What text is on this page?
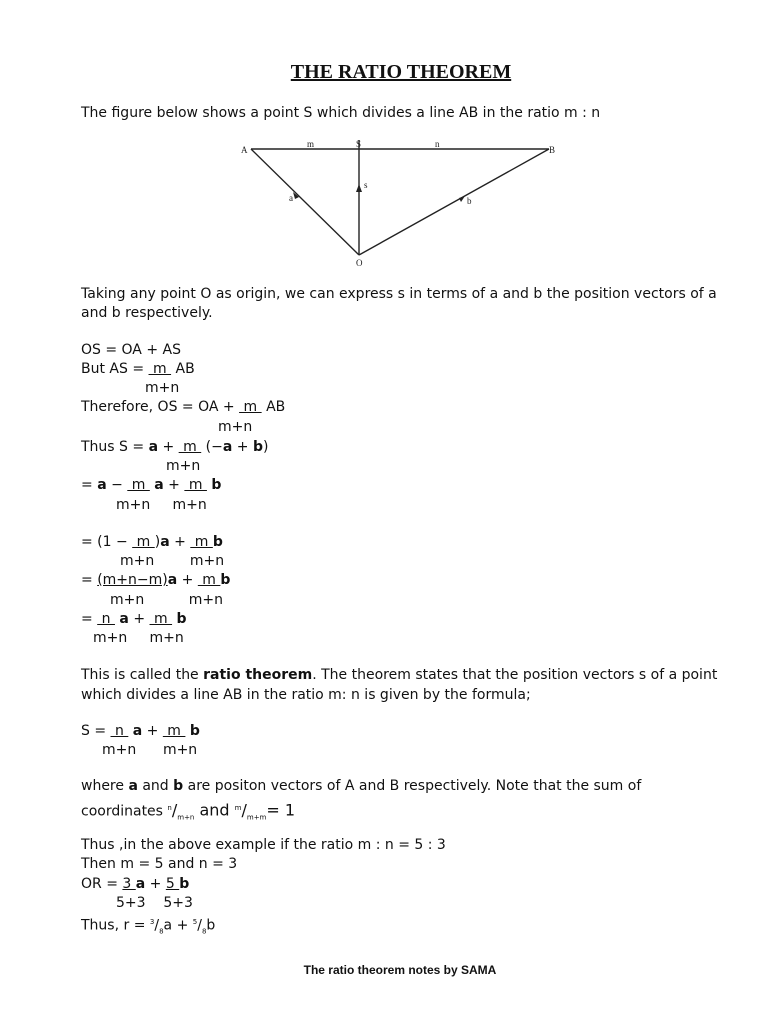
THE RATIO THEOREM
The figure below shows a point S which divides a line AB in the ratio m : n
A	B
S
O
m	n
a	b
s
Taking any point O as origin, we can express s in terms of a and b the position vectors of a
and b respectively.
OS = OA + AS
But AS =  m  AB
m+n
Therefore, OS = OA +  m  AB
m+n
Thus S = a +  m  (−a + b)
m+n
= a −  m  a +  m  b
m+n     m+n
= (1 −  m )a +  m b
m+n        m+n
= (m+n−m)a +  m b
m+n          m+n
=  n  a +  m  b
m+n     m+n
This is called the ratio theorem. The theorem states that the position vectors s of a point
which divides a line AB in the ratio m: n is given by the formula;
S =  n  a +  m  b
m+n      m+n
where a and b are positon vectors of A and B respectively. Note that the sum of
coordinates $^n/_{m+n}$ and $^m/_{m+m}= 1$
Thus ,in the above example if the ratio m : n = 5 : 3
Then m = 5 and n = 3
OR = 3 a + 5 b
5+3    5+3
Thus, $r = ^3/_8a + ^5/_8b$
The ratio theorem notes by SAMA
